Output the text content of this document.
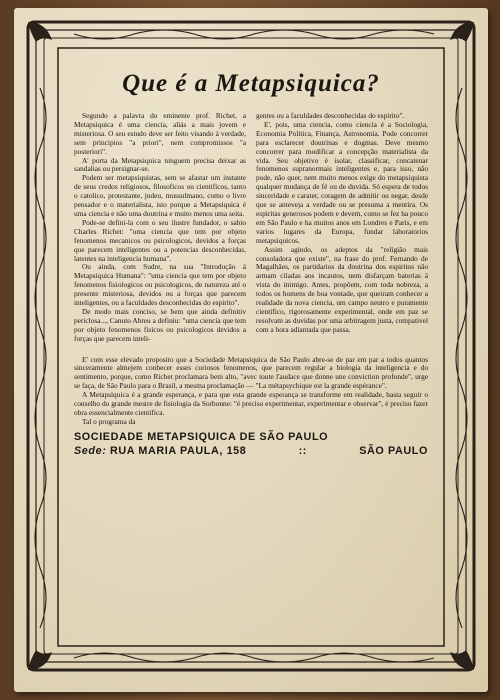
Que é a Metapsiquica?

Segundo a palavra do eminente prof. Richet, a Metapsiquica é uma ciencia, aliás a mais jovem e misteriosa. O seu estudo deve ser feito visando á verdade, sem principios "a priori", nem compromissos "a posteriori".

A' porta da Metapsiquica ninguem precisa deixar as sandalias ou persignar-se.

Podem ser metapsiquistas, sem se afastar um instante de seus credos religiosos, filosoficos ou cientificos, tanto o catolico, protestante, judeu, mussulmano, como o livre pensador e o materialista, isto porque a Metapsiquica é uma ciencia e não uma doutrina e muito menos uma seita.

Pode-se defini-la com o seu ilustre fundador, o sabio Charles Richet: "uma ciencia que tem por objeto fenomenos mecanicos ou psicologicos, devidos a forças que parecem inteligentes ou a potencias desconhecidas, latentes na inteligencia humana".

Ou ainda, com Sudre, na sua "Introdução á Metapsiquica Humana": "uma ciencia que tem por objeto fenomenos fisiologicos ou psicologicos, de natureza até o presente misteriosa, devidos ou a forças que parecem inteligentes, ou a faculdades desconhecidas do espirito".

De modo mais conciso, se bem que ainda definitiv periclosa..., Canuto Abreu a definiu: "uma ciencia que tem por objeto fenomenos fisicos ou psicologicos devidos a forças que parecem inteli-

gentes ou a faculdades desconhecidas do espirito".

E', pois, uma ciencia, como ciencia é a Sociologia, Economia Politica, Finança, Astronomia. Pode concorrer para esclarecer doutrinas e dogmas. Deve mesmo concorrer para modificar a concepção materialista da vida. Seu objetivo é isolar, classificar, concatenar fenomenos supranormais inteligentes e, para isso, não pode, não quer, nem muito menos exige do metapsiquista qualquer mudança de fé ou de duvida. Só espera de todos sinceridade e carater, coragem de admitir ou negar, desde que se anteveja a verdade ou se presuma a mentira. Os espiritas generosos podem e devem, como se fez ha pouco em São Paulo e ha muitos anos em Londres e Paris, e em varios lugares da Europa, fundar laboratorios metapsiquicos.

Assim agindo, os adeptos da "religião mais consoladora que existe", na frase do prof. Fernando de Magalhães, os partidarios da doutrina dos espiritos não armam ciladas aos incautos, nem disfarçam baterias á vista do inimigo. Antes, propõem, com toda nobreza, a todos os homens de boa vontade, que queiram conhecer a realidade da nova ciencia, um campo neutro e puramente cientifico, rigorosamente experimental, onde em paz se resolvam as duvidas por uma arbitragem justa, compativel com a hora adiantada que passa.

E' com esse elevado proposito que a Sociedade Metapsiquica de São Paulo abre-se de par em par a todos quantos sinceramente almejem conhecer esses curiosos fenomenos, que parecem regular a biologia da inteligencia e do sentimento, porque, como Richet proclamara bem alto, "avec toute l'audace que donne une conviction profonde", urge se faça, de São Paulo para o Brasil, a mesma proclamação — "La métapsychique est la grande espérance".

A Metapsiquica é a grande esperança, e para que esta grande esperança se transforme em realidade, basta seguir o conselho do grande mestre de fisiologia da Sorbonne: "é preciso experimentar, experimentar e observar", é preciso fazer obra essencialmente cientifica.

Tal o programa da

SOCIEDADE METAPSIQUICA DE SÃO PAULO
Sede: RUA MARIA PAULA, 158	::	SÃO PAULO
